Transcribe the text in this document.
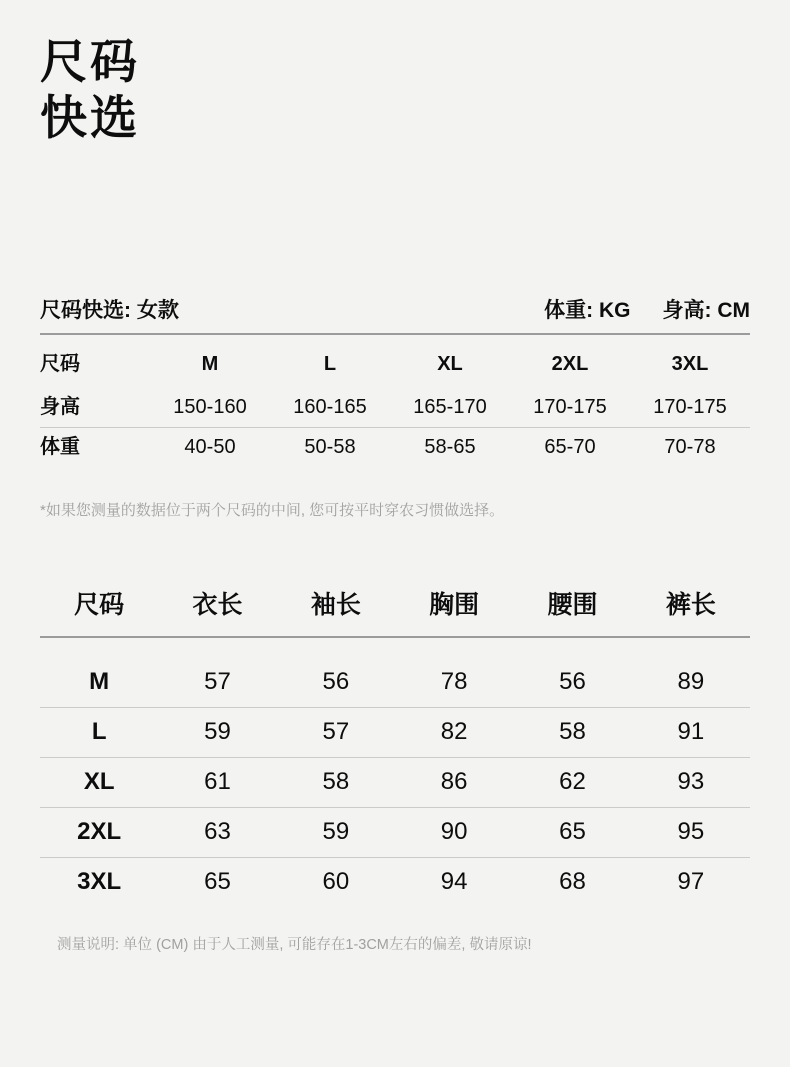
尺码
快选
尺码快选: 女款	体重: KG 身高: CM
尺码	M	L	XL	2XL	3XL
身高	150-160	160-165	165-170	170-175	170-175
体重	40-50	50-58	58-65	65-70	70-78

*如果您测量的数据位于两个尺码的中间, 您可按平时穿农习惯做选择。

尺码	衣长	袖长	胸围	腰围	裤长

M	57	56	78	56	89
L	59	57	82	58	91
XL	61	58	86	62	93
2XL	63	59	90	65	95
3XL	65	60	94	68	97

测量说明: 单位 (CM) 由于人工测量, 可能存在1-3CM左右的偏差, 敬请原谅!
